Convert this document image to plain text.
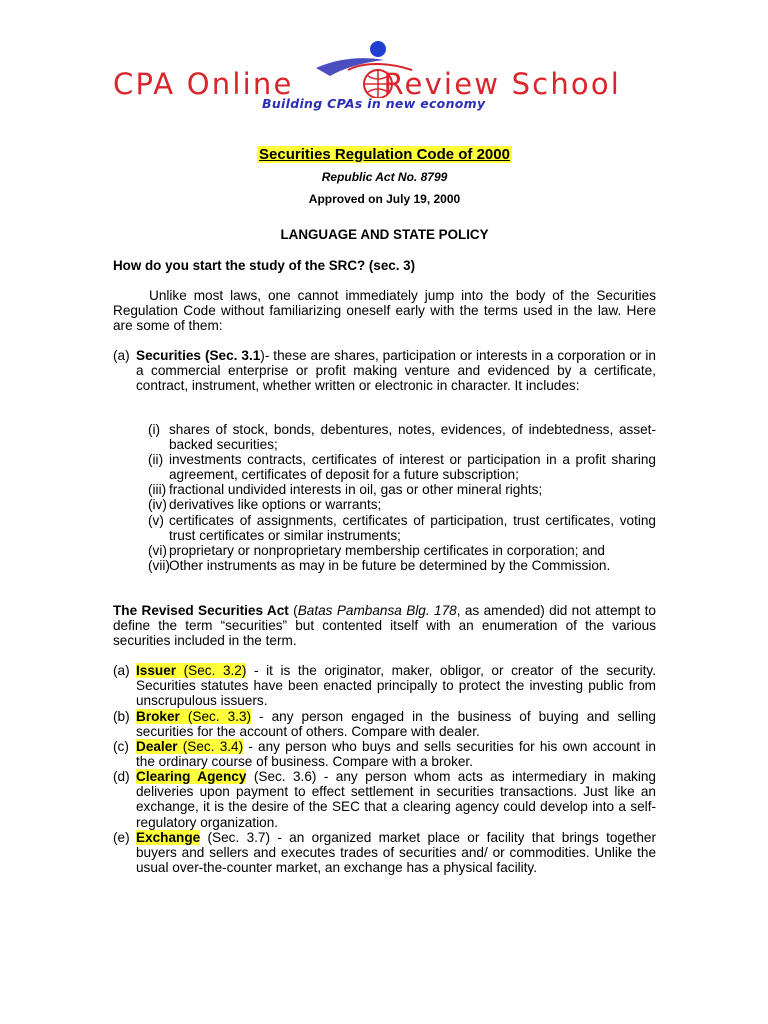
CPA Online	Review School
Building CPAs in new economy
Securities Regulation Code of 2000
Republic Act No. 8799
Approved on July 19, 2000
LANGUAGE AND STATE POLICY
How do you start the study of the SRC? (sec. 3)
Unlike most laws, one cannot immediately jump into the body of the Securities Regulation Code without familiarizing oneself early with the terms used in the law. Here are some of them:
(a) Securities (Sec. 3.1)- these are shares, participation or interests in a corporation or in a commercial enterprise or profit making venture and evidenced by a certificate, contract, instrument, whether written or electronic in character. It includes:
(i) shares of stock, bonds, debentures, notes, evidences, of indebtedness, asset-backed securities;
(ii) investments contracts, certificates of interest or participation in a profit sharing agreement, certificates of deposit for a future subscription;
(iii) fractional undivided interests in oil, gas or other mineral rights;
(iv) derivatives like options or warrants;
(v) certificates of assignments, certificates of participation, trust certificates, voting trust certificates or similar instruments;
(vi) proprietary or nonproprietary membership certificates in corporation; and
(vii) Other instruments as may in be future be determined by the Commission.
The Revised Securities Act (Batas Pambansa Blg. 178, as amended) did not attempt to define the term “securities” but contented itself with an enumeration of the various securities included in the term.
(a) Issuer (Sec. 3.2) - it is the originator, maker, obligor, or creator of the security. Securities statutes have been enacted principally to protect the investing public from unscrupulous issuers.
(b) Broker (Sec. 3.3) - any person engaged in the business of buying and selling securities for the account of others. Compare with dealer.
(c) Dealer (Sec. 3.4) - any person who buys and sells securities for his own account in the ordinary course of business. Compare with a broker.
(d) Clearing Agency (Sec. 3.6) - any person whom acts as intermediary in making deliveries upon payment to effect settlement in securities transactions. Just like an exchange, it is the desire of the SEC that a clearing agency could develop into a self-regulatory organization.
(e) Exchange (Sec. 3.7) - an organized market place or facility that brings together buyers and sellers and executes trades of securities and/ or commodities. Unlike the usual over-the-counter market, an exchange has a physical facility.
